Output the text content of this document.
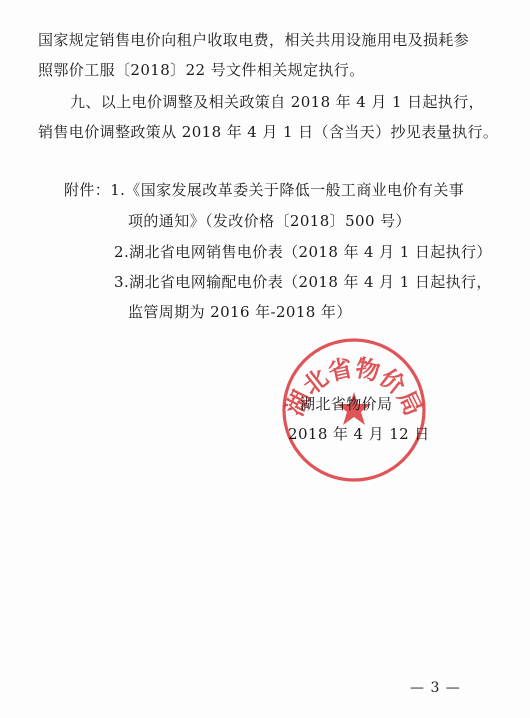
国家规定销售电价向租户收取电费，相关共用设施用电及损耗参
照鄂价工服〔2018〕22 号文件相关规定执行。
九、以上电价调整及相关政策自 2018 年 4 月 1 日起执行，
销售电价调整政策从 2018 年 4 月 1 日（含当天）抄见表量执行。
附件：1.《国家发展改革委关于降低一般工商业电价有关事
项的通知》（发改价格〔2018〕500 号）
2.湖北省电网销售电价表（2018 年 4 月 1 日起执行）
3.湖北省电网输配电价表（2018 年 4 月 1 日起执行，
监管周期为 2016 年-2018 年）
湖北省物价局
湖北省物价局
2018 年 4 月 12 日
— 3 —
